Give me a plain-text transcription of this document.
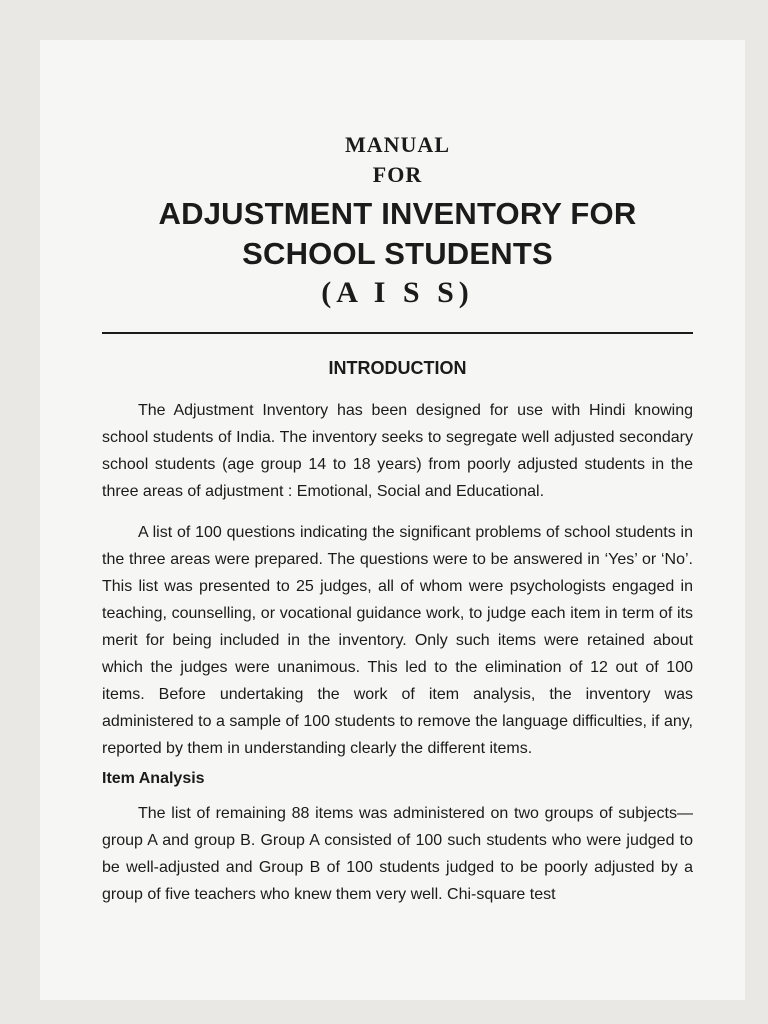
MANUAL

FOR

ADJUSTMENT INVENTORY FOR

SCHOOL STUDENTS

(A I S S)

INTRODUCTION

The Adjustment Inventory has been designed for use with Hindi knowing school students of India. The inventory seeks to segregate well adjusted secondary school students (age group 14 to 18 years) from poorly adjusted students in the three areas of adjustment : Emotional, Social and Educational.

A list of 100 questions indicating the significant problems of school students in the three areas were prepared. The questions were to be answered in ‘Yes’ or ‘No’. This list was presented to 25 judges, all of whom were psychologists engaged in teaching, counselling, or vocational guidance work, to judge each item in term of its merit for being included in the inventory. Only such items were retained about which the judges were unanimous. This led to the elimination of 12 out of 100 items. Before undertaking the work of item analysis, the inventory was administered to a sample of 100 students to remove the language difficulties, if any, reported by them in understanding clearly the different items.

Item Analysis

The list of remaining 88 items was administered on two groups of subjects—group A and group B. Group A consisted of 100 such students who were judged to be well-adjusted and Group B of 100 students judged to be poorly adjusted by a group of five teachers who knew them very well. Chi-square test
